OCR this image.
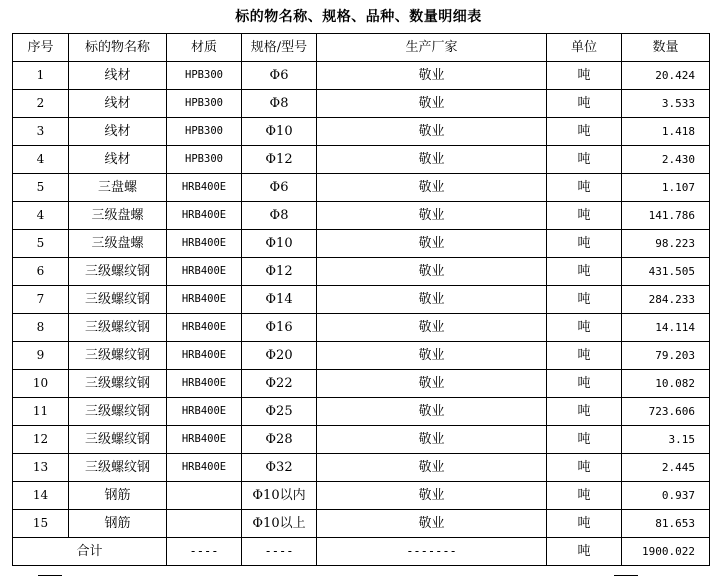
标的物名称、规格、品种、数量明细表
序号	标的物名称	材质	规格/型号	生产厂家	单位	数量
1	线材	HPB300	Φ6	敬业	吨	20.424
2	线材	HPB300	Φ8	敬业	吨	3.533
3	线材	HPB300	Φ10	敬业	吨	1.418
4	线材	HPB300	Φ12	敬业	吨	2.430
5	三盘螺	HRB400E	Φ6	敬业	吨	1.107
4	三级盘螺	HRB400E	Φ8	敬业	吨	141.786
5	三级盘螺	HRB400E	Φ10	敬业	吨	98.223
6	三级螺纹钢	HRB400E	Φ12	敬业	吨	431.505
7	三级螺纹钢	HRB400E	Φ14	敬业	吨	284.233
8	三级螺纹钢	HRB400E	Φ16	敬业	吨	14.114
9	三级螺纹钢	HRB400E	Φ20	敬业	吨	79.203
10	三级螺纹钢	HRB400E	Φ22	敬业	吨	10.082
11	三级螺纹钢	HRB400E	Φ25	敬业	吨	723.606
12	三级螺纹钢	HRB400E	Φ28	敬业	吨	3.15
13	三级螺纹钢	HRB400E	Φ32	敬业	吨	2.445
14	钢筋		Φ10以内	敬业	吨	0.937
15	钢筋		Φ10以上	敬业	吨	81.653
合计		----	----	-------	吨	1900.022
